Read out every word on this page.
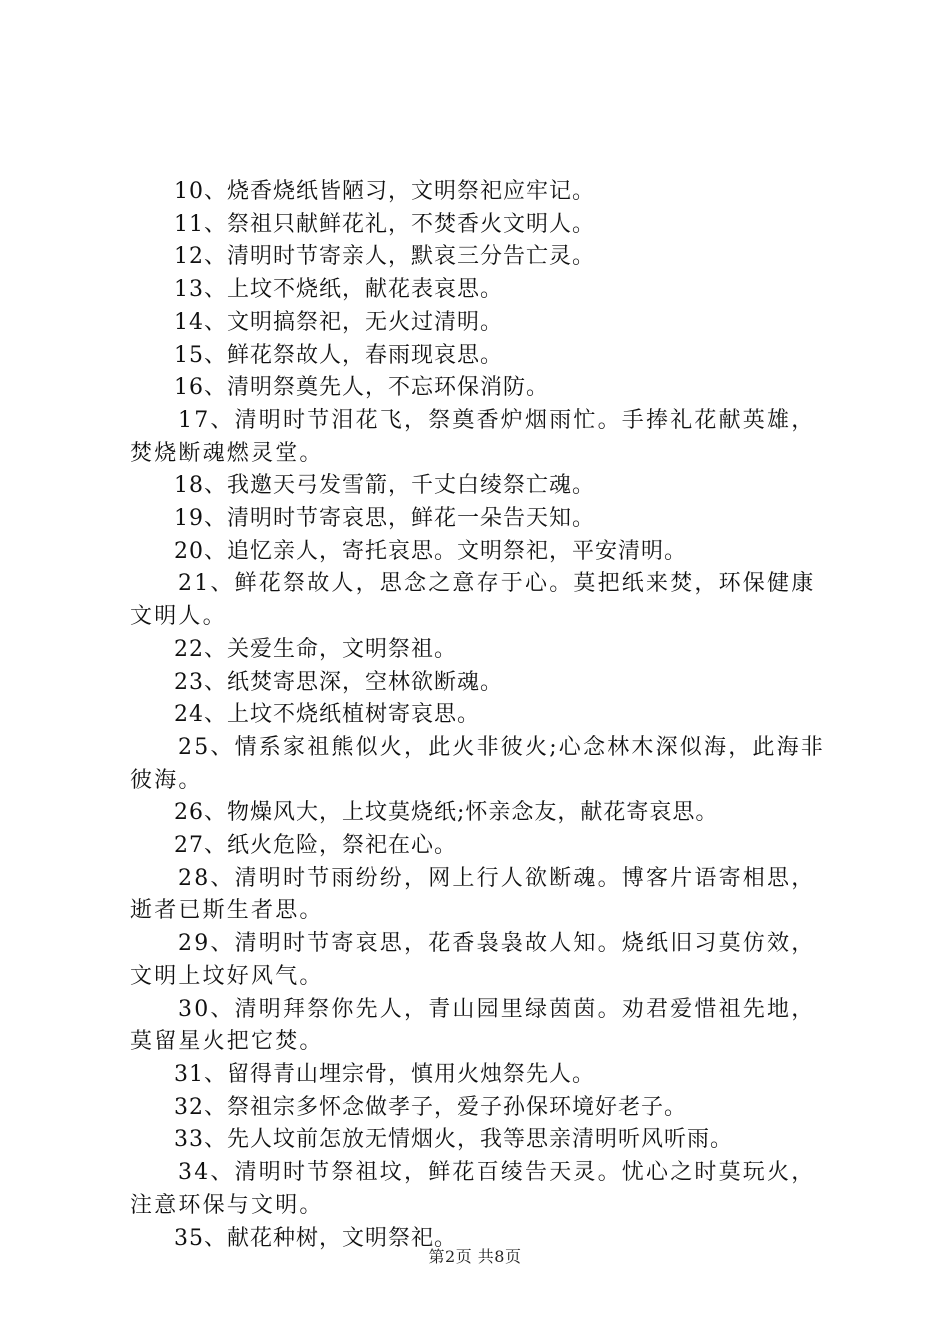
10、烧香烧纸皆陋习，文明祭祀应牢记。

11、祭祖只献鲜花礼，不焚香火文明人。

12、清明时节寄亲人，默哀三分告亡灵。

13、上坟不烧纸，献花表哀思。

14、文明搞祭祀，无火过清明。

15、鲜花祭故人，春雨现哀思。

16、清明祭奠先人，不忘环保消防。

17、清明时节泪花飞，祭奠香炉烟雨忙。手捧礼花献英雄，焚烧断魂燃灵堂。

18、我邀天弓发雪箭，千丈白绫祭亡魂。

19、清明时节寄哀思，鲜花一朵告天知。

20、追忆亲人，寄托哀思。文明祭祀，平安清明。

21、鲜花祭故人，思念之意存于心。莫把纸来焚，环保健康文明人。

22、关爱生命，文明祭祖。

23、纸焚寄思深，空林欲断魂。

24、上坟不烧纸植树寄哀思。

25、情系家祖熊似火，此火非彼火;心念林木深似海，此海非彼海。

26、物燥风大，上坟莫烧纸;怀亲念友，献花寄哀思。

27、纸火危险，祭祀在心。

28、清明时节雨纷纷，网上行人欲断魂。博客片语寄相思，逝者已斯生者思。

29、清明时节寄哀思，花香袅袅故人知。烧纸旧习莫仿效，文明上坟好风气。

30、清明拜祭你先人，青山园里绿茵茵。劝君爱惜祖先地，莫留星火把它焚。

31、留得青山埋宗骨，慎用火烛祭先人。

32、祭祖宗多怀念做孝子，爱子孙保环境好老子。

33、先人坟前怎放无情烟火，我等思亲清明听风听雨。

34、清明时节祭祖坟，鲜花百绫告天灵。忧心之时莫玩火，注意环保与文明。

35、献花种树，文明祭祀。

第2页 共8页
